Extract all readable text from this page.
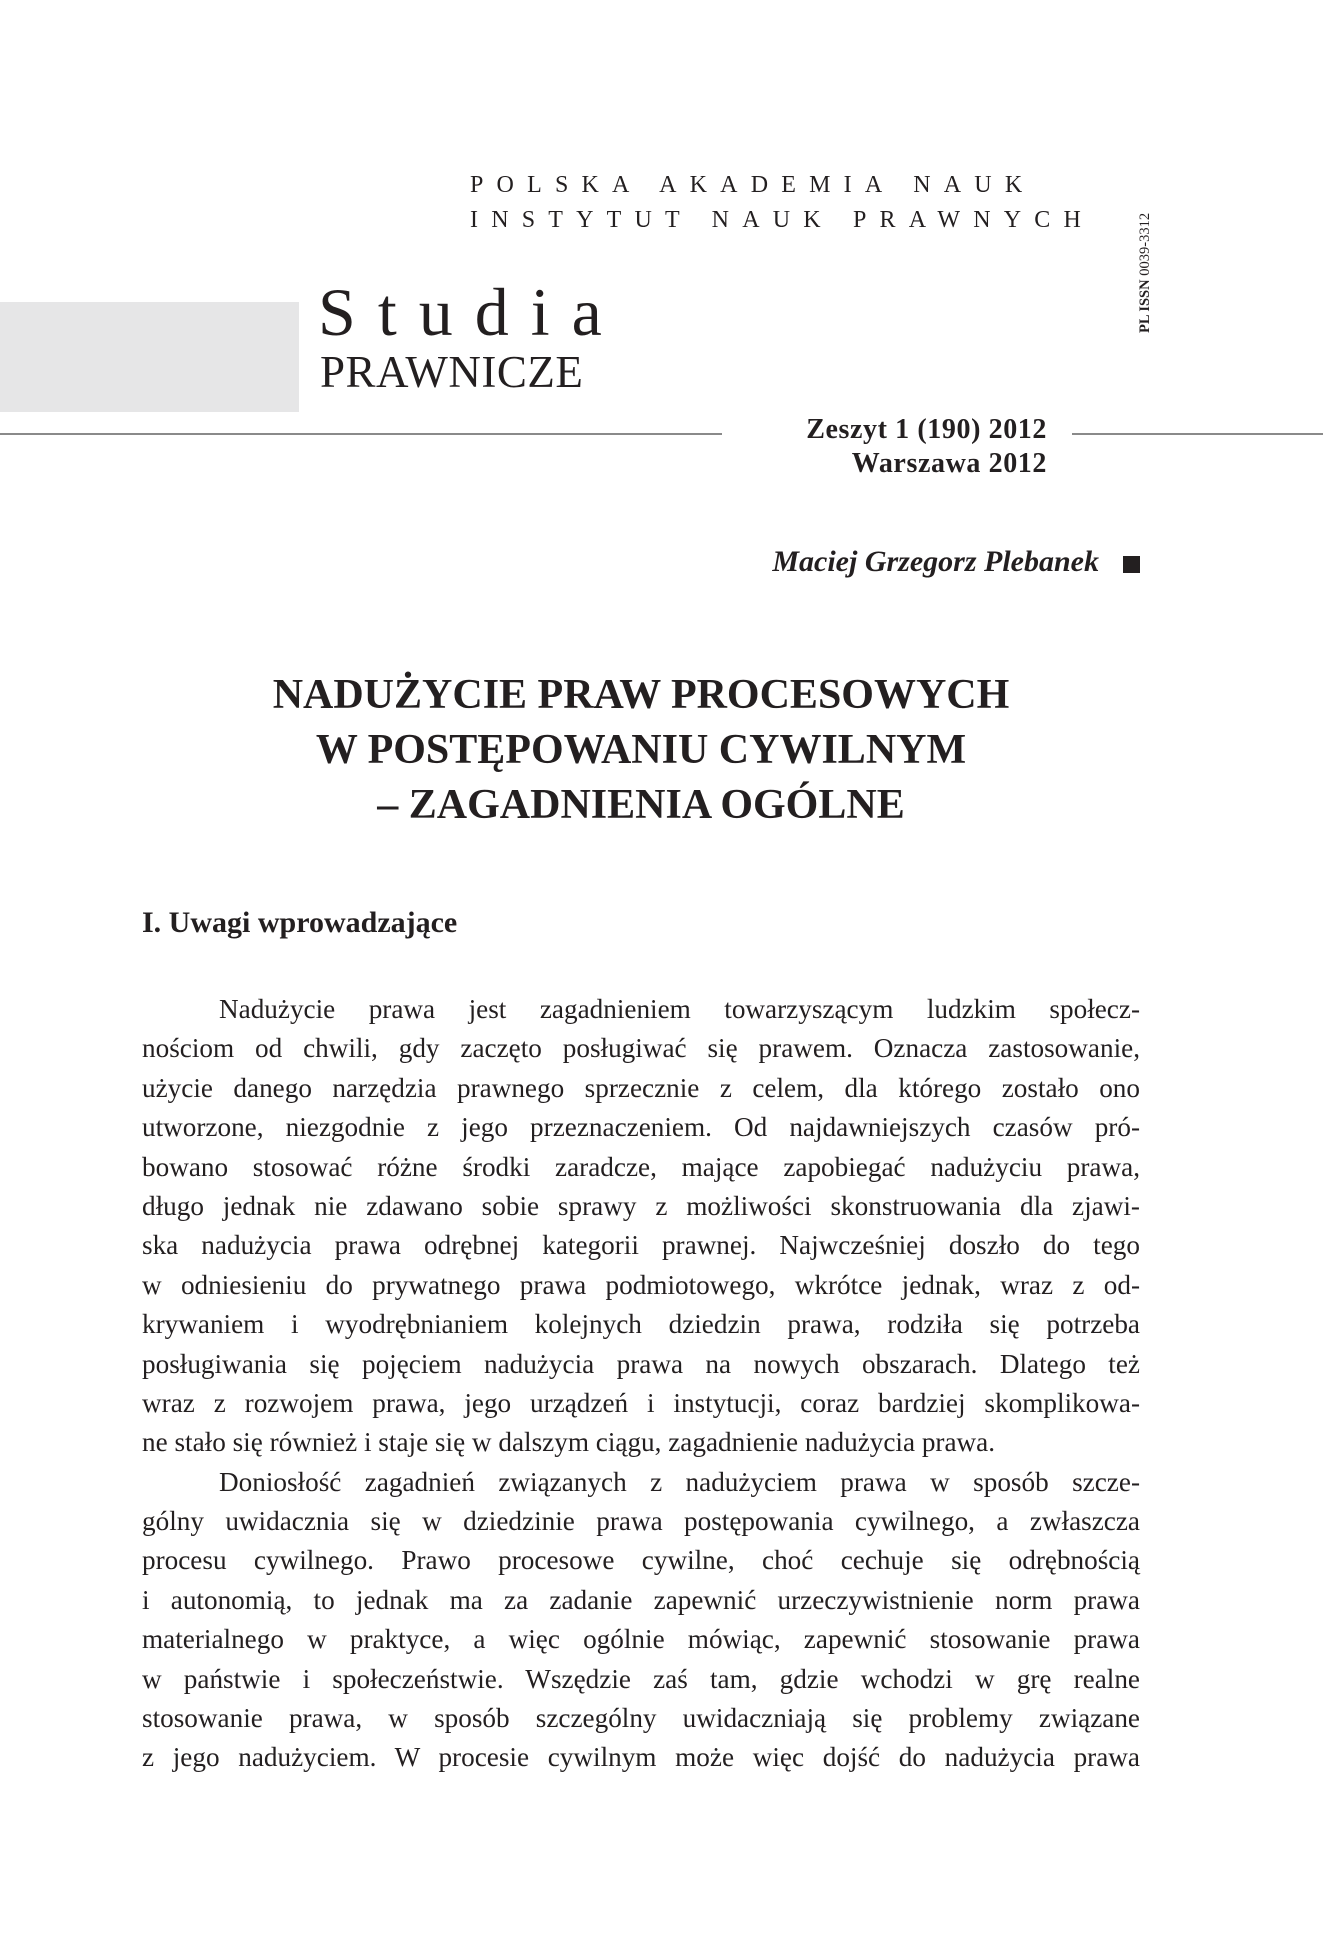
POLSKA AKADEMIA NAUK
INSTYTUT NAUK PRAWNYCH
Studia
PRAWNICZE
PL ISSN 0039-3312
Zeszyt 1 (190) 2012
Warszawa 2012
Maciej Grzegorz Plebanek
NADUŻYCIE PRAW PROCESOWYCH
W POSTĘPOWANIU CYWILNYM
– ZAGADNIENIA OGÓLNE
I. Uwagi wprowadzające
Nadużycie prawa jest zagadnieniem towarzyszącym ludzkim społecz-
nościom od chwili, gdy zaczęto posługiwać się prawem. Oznacza zastosowanie,
użycie danego narzędzia prawnego sprzecznie z celem, dla którego zostało ono
utworzone, niezgodnie z jego przeznaczeniem. Od najdawniejszych czasów pró-
bowano stosować różne środki zaradcze, mające zapobiegać nadużyciu prawa,
długo jednak nie zdawano sobie sprawy z możliwości skonstruowania dla zjawi-
ska nadużycia prawa odrębnej kategorii prawnej. Najwcześniej doszło do tego
w odniesieniu do prywatnego prawa podmiotowego, wkrótce jednak, wraz z od-
krywaniem i wyodrębnianiem kolejnych dziedzin prawa, rodziła się potrzeba
posługiwania się pojęciem nadużycia prawa na nowych obszarach. Dlatego też
wraz z rozwojem prawa, jego urządzeń i instytucji, coraz bardziej skomplikowa-
ne stało się również i staje się w dalszym ciągu, zagadnienie nadużycia prawa.
Doniosłość zagadnień związanych z nadużyciem prawa w sposób szcze-
gólny uwidacznia się w dziedzinie prawa postępowania cywilnego, a zwłaszcza
procesu cywilnego. Prawo procesowe cywilne, choć cechuje się odrębnością
i autonomią, to jednak ma za zadanie zapewnić urzeczywistnienie norm prawa
materialnego w praktyce, a więc ogólnie mówiąc, zapewnić stosowanie prawa
w państwie i społeczeństwie. Wszędzie zaś tam, gdzie wchodzi w grę realne
stosowanie prawa, w sposób szczególny uwidaczniają się problemy związane
z jego nadużyciem. W procesie cywilnym może więc dojść do nadużycia prawa
